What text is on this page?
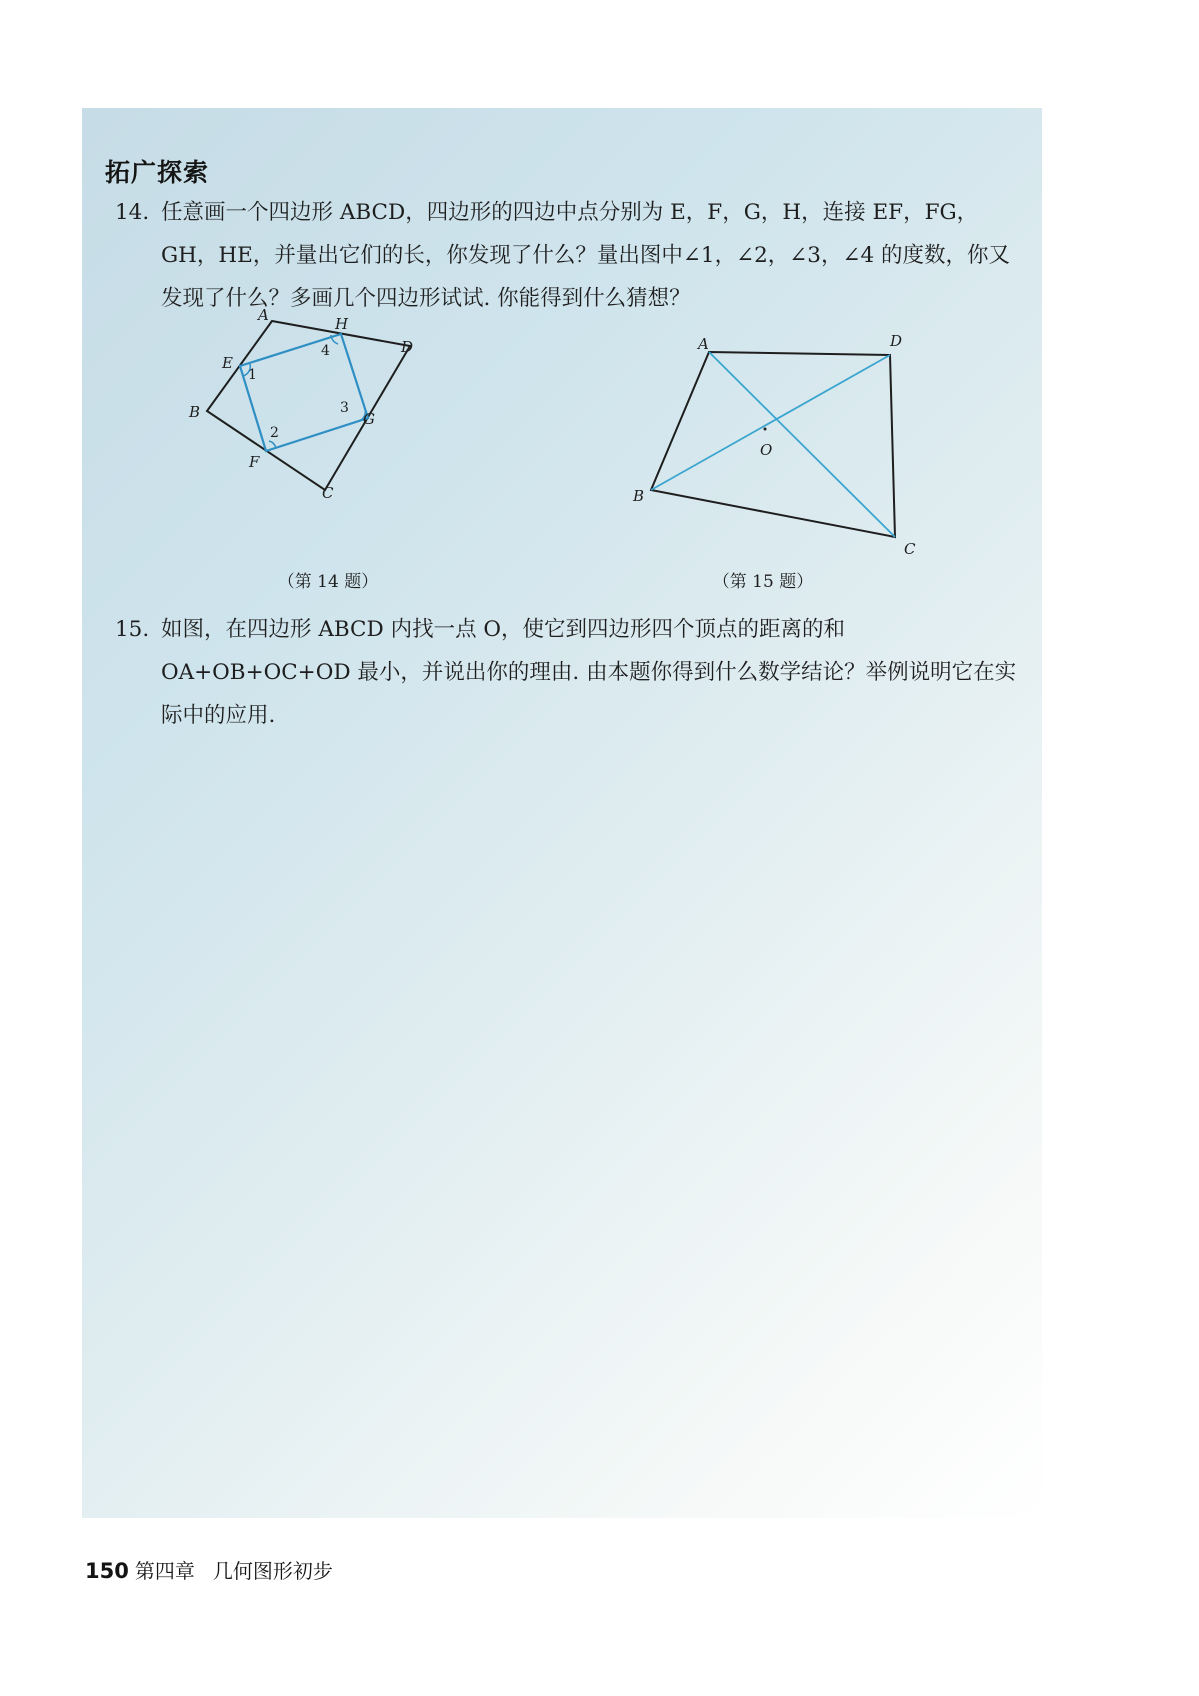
拓广探索
14. 任意画一个四边形 ABCD，四边形的四边中点分别为 E，F，G，H，连接 EF，FG，GH，HE，并量出它们的长，你发现了什么？量出图中∠1，∠2，∠3，∠4 的度数，你又发现了什么？多画几个四边形试试. 你能得到什么猜想？
A	H
D
E
B	G
F
C
1
2
3
4
（第 14 题）
A	D
O
B
C
（第 15 题）
15. 如图，在四边形 ABCD 内找一点 O，使它到四边形四个顶点的距离的和 OA+OB+OC+OD 最小，并说出你的理由. 由本题你得到什么数学结论？举例说明它在实际中的应用.

150 第四章 几何图形初步
